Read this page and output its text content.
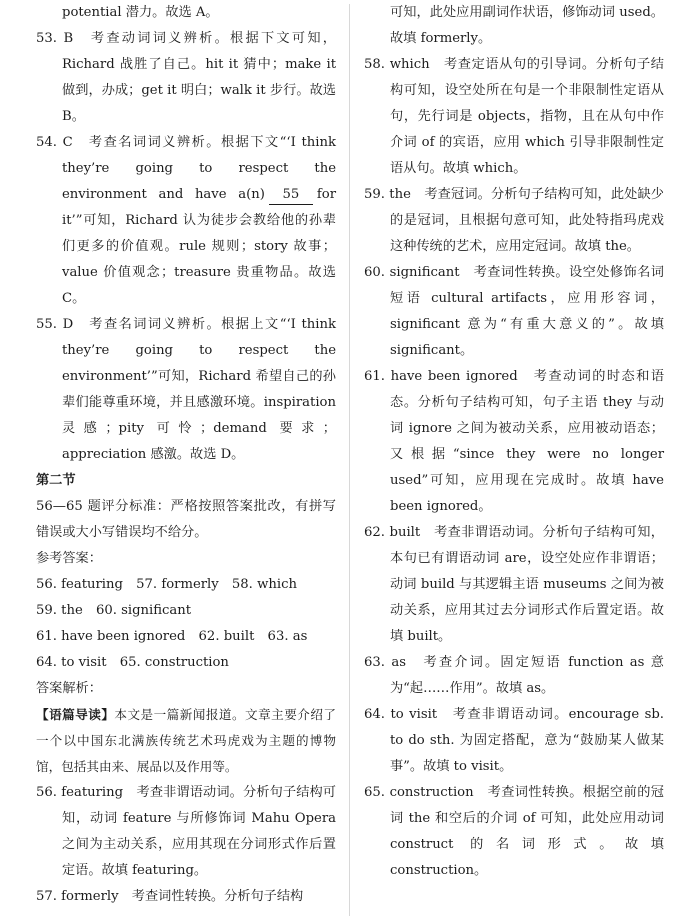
potential 潜力。故选 A。

53. B　考查动词词义辨析。根据下文可知，Richard 战胜了自己。hit it 猜中；make it 做到，办成；get it 明白；walk it 步行。故选 B。

54. C　考查名词词义辨析。根据下文“‘I think they’re going to respect the environment and have a(n) 55 for it’”可知，Richard 认为徒步会教给他的孙辈们更多的价值观。rule 规则；story 故事；value 价值观念；treasure 贵重物品。故选 C。

55. D　考查名词词义辨析。根据上文“‘I think they’re going to respect the environment’”可知，Richard 希望自己的孙辈们能尊重环境，并且感激环境。inspiration 灵感；pity 可怜；demand 要求；appreciation 感激。故选 D。

第二节

56—65 题评分标准：严格按照答案批改，有拼写错误或大小写错误均不给分。

参考答案：

56. featuring　57. formerly　58. which

59. the　60. significant

61. have been ignored　62. built　63. as

64. to visit　65. construction

答案解析：

【语篇导读】本文是一篇新闻报道。文章主要介绍了一个以中国东北满族传统艺术玛虎戏为主题的博物馆，包括其由来、展品以及作用等。

56. featuring　考查非谓语动词。分析句子结构可知，动词 feature 与所修饰词 Mahu Opera 之间为主动关系，应用其现在分词形式作后置定语。故填 featuring。

57. formerly　考查词性转换。分析句子结构

可知，此处应用副词作状语，修饰动词 used。故填 formerly。

58. which　考查定语从句的引导词。分析句子结构可知，设空处所在句是一个非限制性定语从句，先行词是 objects，指物，且在从句中作介词 of 的宾语，应用 which 引导非限制性定语从句。故填 which。

59. the　考查冠词。分析句子结构可知，此处缺少的是冠词，且根据句意可知，此处特指玛虎戏这种传统的艺术，应用定冠词。故填 the。

60. significant　考查词性转换。设空处修饰名词短语 cultural artifacts，应用形容词，significant 意为“有重大意义的”。故填 significant。

61. have been ignored　考查动词的时态和语态。分析句子结构可知，句子主语 they 与动词 ignore 之间为被动关系，应用被动语态；又根据“since they were no longer used”可知，应用现在完成时。故填 have been ignored。

62. built　考查非谓语动词。分析句子结构可知，本句已有谓语动词 are，设空处应作非谓语；动词 build 与其逻辑主语 museums 之间为被动关系，应用其过去分词形式作后置定语。故填 built。

63. as　考查介词。固定短语 function as 意为“起……作用”。故填 as。

64. to visit　考查非谓语动词。encourage sb. to do sth. 为固定搭配，意为“鼓励某人做某事”。故填 to visit。

65. construction　考查词性转换。根据空前的冠词 the 和空后的介词 of 可知，此处应用动词 construct 的名词形式。故填 construction。
